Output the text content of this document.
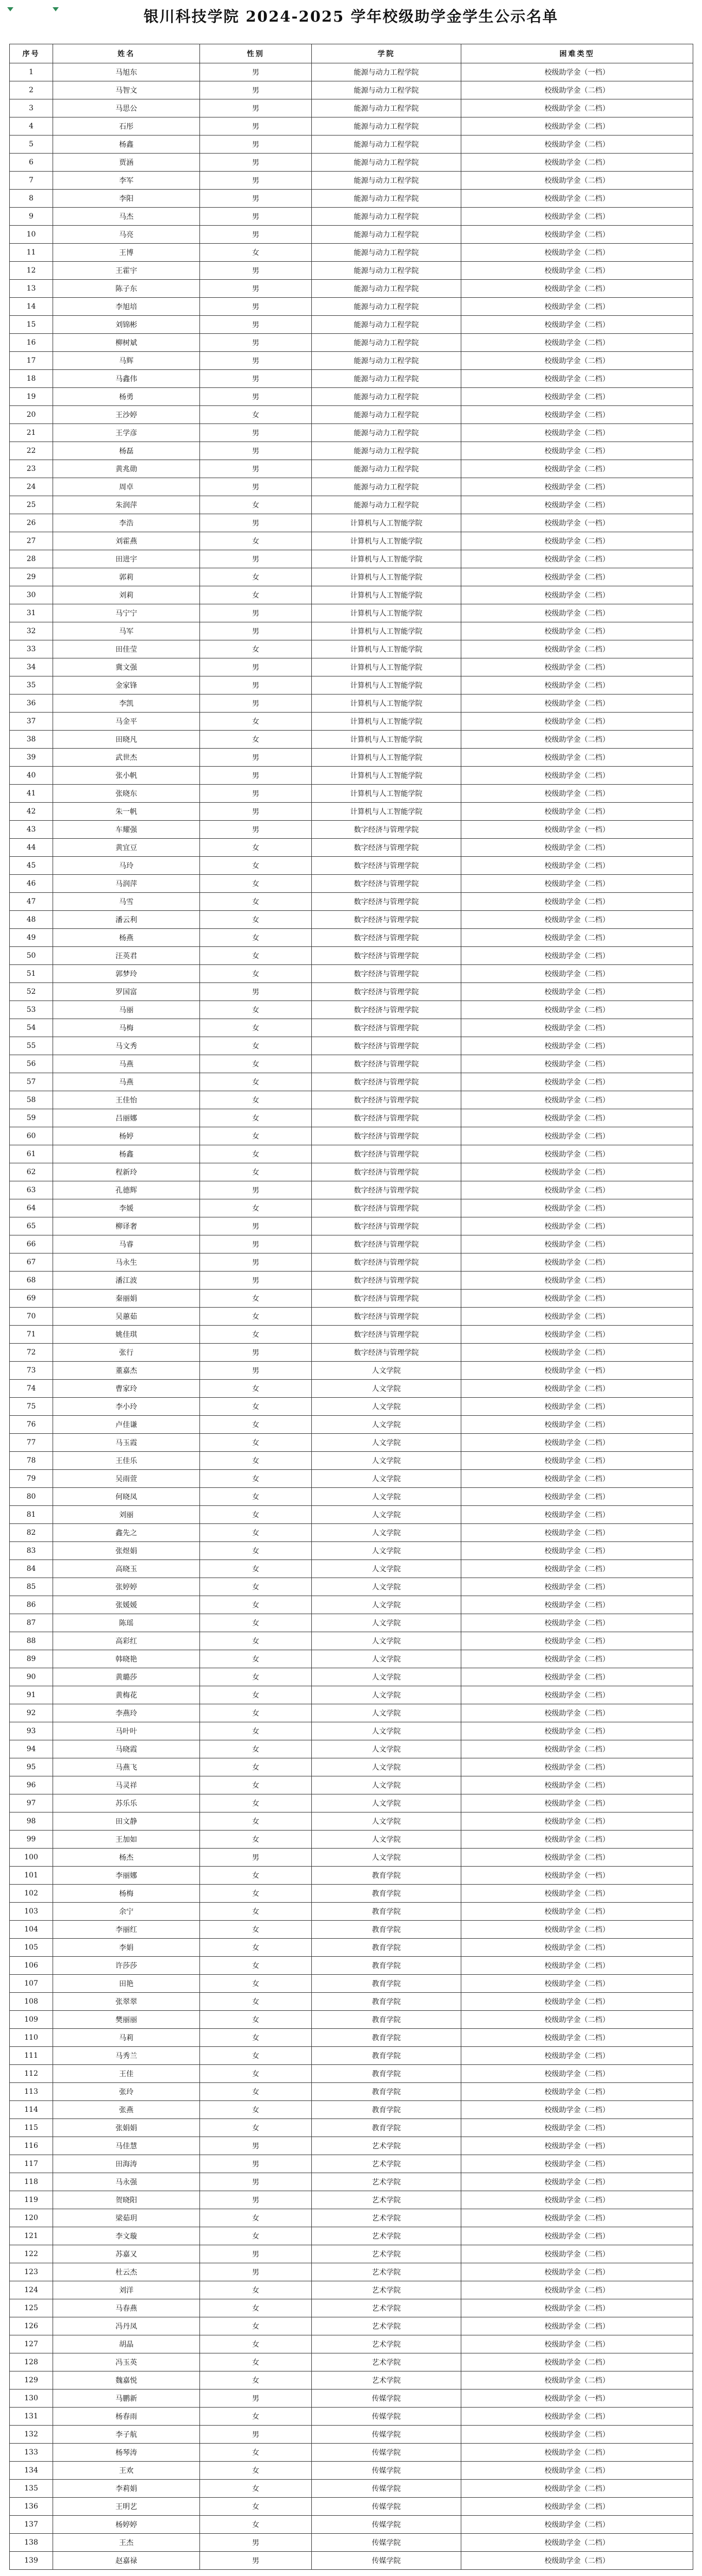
银川科技学院 2024-2025 学年校级助学金学生公示名单
序号	姓名	性别	学院	困难类型
1	马旭东	男	能源与动力工程学院	校级助学金（一档）
2	马智文	男	能源与动力工程学院	校级助学金（二档）
3	马思公	男	能源与动力工程学院	校级助学金（二档）
4	石彤	男	能源与动力工程学院	校级助学金（二档）
5	杨鑫	男	能源与动力工程学院	校级助学金（二档）
6	贾涵	男	能源与动力工程学院	校级助学金（二档）
7	李军	男	能源与动力工程学院	校级助学金（二档）
8	李阳	男	能源与动力工程学院	校级助学金（二档）
9	马杰	男	能源与动力工程学院	校级助学金（二档）
10	马亮	男	能源与动力工程学院	校级助学金（二档）
11	王博	女	能源与动力工程学院	校级助学金（二档）
12	王霍宇	男	能源与动力工程学院	校级助学金（二档）
13	陈子东	男	能源与动力工程学院	校级助学金（二档）
14	李旭培	男	能源与动力工程学院	校级助学金（二档）
15	刘锦彬	男	能源与动力工程学院	校级助学金（二档）
16	柳树斌	男	能源与动力工程学院	校级助学金（二档）
17	马辉	男	能源与动力工程学院	校级助学金（二档）
18	马鑫伟	男	能源与动力工程学院	校级助学金（二档）
19	杨勇	男	能源与动力工程学院	校级助学金（二档）
20	王沙婷	女	能源与动力工程学院	校级助学金（二档）
21	王学彦	男	能源与动力工程学院	校级助学金（二档）
22	杨磊	男	能源与动力工程学院	校级助学金（二档）
23	黄兆勋	男	能源与动力工程学院	校级助学金（二档）
24	周卓	男	能源与动力工程学院	校级助学金（二档）
25	朱润萍	女	能源与动力工程学院	校级助学金（二档）
26	李浩	男	计算机与人工智能学院	校级助学金（一档）
27	刘霍燕	女	计算机与人工智能学院	校级助学金（二档）
28	田进宇	男	计算机与人工智能学院	校级助学金（二档）
29	郭莉	女	计算机与人工智能学院	校级助学金（二档）
30	刘莉	女	计算机与人工智能学院	校级助学金（二档）
31	马宁宁	男	计算机与人工智能学院	校级助学金（二档）
32	马军	男	计算机与人工智能学院	校级助学金（二档）
33	田佳莹	女	计算机与人工智能学院	校级助学金（二档）
34	冀文强	男	计算机与人工智能学院	校级助学金（二档）
35	金家锋	男	计算机与人工智能学院	校级助学金（二档）
36	李凯	男	计算机与人工智能学院	校级助学金（二档）
37	马金平	女	计算机与人工智能学院	校级助学金（二档）
38	田晓凡	女	计算机与人工智能学院	校级助学金（二档）
39	武世杰	男	计算机与人工智能学院	校级助学金（二档）
40	张小帆	男	计算机与人工智能学院	校级助学金（二档）
41	张晓东	男	计算机与人工智能学院	校级助学金（二档）
42	朱一帆	男	计算机与人工智能学院	校级助学金（二档）
43	车耀强	男	数字经济与管理学院	校级助学金（一档）
44	黄宜豆	女	数字经济与管理学院	校级助学金（二档）
45	马玲	女	数字经济与管理学院	校级助学金（二档）
46	马润萍	女	数字经济与管理学院	校级助学金（二档）
47	马雪	女	数字经济与管理学院	校级助学金（二档）
48	潘云利	女	数字经济与管理学院	校级助学金（二档）
49	杨燕	女	数字经济与管理学院	校级助学金（二档）
50	汪英君	女	数字经济与管理学院	校级助学金（二档）
51	郭梦玲	女	数字经济与管理学院	校级助学金（二档）
52	罗国富	男	数字经济与管理学院	校级助学金（二档）
53	马丽	女	数字经济与管理学院	校级助学金（二档）
54	马梅	女	数字经济与管理学院	校级助学金（二档）
55	马文秀	女	数字经济与管理学院	校级助学金（二档）
56	马燕	女	数字经济与管理学院	校级助学金（二档）
57	马燕	女	数字经济与管理学院	校级助学金（二档）
58	王佳怡	女	数字经济与管理学院	校级助学金（二档）
59	吕丽娜	女	数字经济与管理学院	校级助学金（二档）
60	杨婷	女	数字经济与管理学院	校级助学金（二档）
61	杨鑫	女	数字经济与管理学院	校级助学金（二档）
62	程新玲	女	数字经济与管理学院	校级助学金（二档）
63	孔德辉	男	数字经济与管理学院	校级助学金（二档）
64	李媛	女	数字经济与管理学院	校级助学金（二档）
65	柳译奢	男	数字经济与管理学院	校级助学金（二档）
66	马睿	男	数字经济与管理学院	校级助学金（二档）
67	马永生	男	数字经济与管理学院	校级助学金（二档）
68	潘江波	男	数字经济与管理学院	校级助学金（二档）
69	秦丽娟	女	数字经济与管理学院	校级助学金（二档）
70	吴蕙茹	女	数字经济与管理学院	校级助学金（二档）
71	姚佳琪	女	数字经济与管理学院	校级助学金（二档）
72	张行	男	数字经济与管理学院	校级助学金（二档）
73	董嘉杰	男	人文学院	校级助学金（一档）
74	曹家玲	女	人文学院	校级助学金（二档）
75	李小玲	女	人文学院	校级助学金（二档）
76	卢佳谦	女	人文学院	校级助学金（二档）
77	马玉霞	女	人文学院	校级助学金（二档）
78	王佳乐	女	人文学院	校级助学金（二档）
79	吴雨萱	女	人文学院	校级助学金（二档）
80	何晓凤	女	人文学院	校级助学金（二档）
81	刘丽	女	人文学院	校级助学金（二档）
82	鑫先之	女	人文学院	校级助学金（二档）
83	张煜娟	女	人文学院	校级助学金（二档）
84	高晓玉	女	人文学院	校级助学金（二档）
85	张婷婷	女	人文学院	校级助学金（二档）
86	张媛媛	女	人文学院	校级助学金（二档）
87	陈瑶	女	人文学院	校级助学金（二档）
88	高彩红	女	人文学院	校级助学金（二档）
89	韩晓艳	女	人文学院	校级助学金（二档）
90	黄璐莎	女	人文学院	校级助学金（二档）
91	黄梅花	女	人文学院	校级助学金（二档）
92	李燕玲	女	人文学院	校级助学金（二档）
93	马叶叶	女	人文学院	校级助学金（二档）
94	马晓霞	女	人文学院	校级助学金（二档）
95	马燕飞	女	人文学院	校级助学金（二档）
96	马灵祥	女	人文学院	校级助学金（二档）
97	苏乐乐	女	人文学院	校级助学金（二档）
98	田文静	女	人文学院	校级助学金（二档）
99	王加如	女	人文学院	校级助学金（二档）
100	杨杰	男	人文学院	校级助学金（二档）
101	李丽娜	女	教育学院	校级助学金（一档）
102	杨梅	女	教育学院	校级助学金（二档）
103	余宁	女	教育学院	校级助学金（二档）
104	李丽红	女	教育学院	校级助学金（二档）
105	李娟	女	教育学院	校级助学金（二档）
106	许莎莎	女	教育学院	校级助学金（二档）
107	田艳	女	教育学院	校级助学金（二档）
108	张翠翠	女	教育学院	校级助学金（二档）
109	樊丽丽	女	教育学院	校级助学金（二档）
110	马莉	女	教育学院	校级助学金（二档）
111	马秀兰	女	教育学院	校级助学金（二档）
112	王佳	女	教育学院	校级助学金（二档）
113	张玲	女	教育学院	校级助学金（二档）
114	张燕	女	教育学院	校级助学金（二档）
115	张娟娟	女	教育学院	校级助学金（二档）
116	马佳慧	男	艺术学院	校级助学金（一档）
117	田海涛	男	艺术学院	校级助学金（二档）
118	马永强	男	艺术学院	校级助学金（二档）
119	贺晓阳	男	艺术学院	校级助学金（二档）
120	梁茹玥	女	艺术学院	校级助学金（二档）
121	李文璇	女	艺术学院	校级助学金（二档）
122	苏嘉又	男	艺术学院	校级助学金（二档）
123	杜云杰	男	艺术学院	校级助学金（二档）
124	刘洋	女	艺术学院	校级助学金（二档）
125	马春燕	女	艺术学院	校级助学金（二档）
126	冯丹凤	女	艺术学院	校级助学金（二档）
127	胡晶	女	艺术学院	校级助学金（二档）
128	冯玉英	女	艺术学院	校级助学金（二档）
129	魏嘉悦	女	艺术学院	校级助学金（二档）
130	马鹏新	男	传媒学院	校级助学金（一档）
131	杨春雨	女	传媒学院	校级助学金（二档）
132	李子航	男	传媒学院	校级助学金（二档）
133	杨琴涛	女	传媒学院	校级助学金（二档）
134	王欢	女	传媒学院	校级助学金（二档）
135	李莉娟	女	传媒学院	校级助学金（二档）
136	王明艺	女	传媒学院	校级助学金（二档）
137	杨婷婷	女	传媒学院	校级助学金（二档）
138	王杰	男	传媒学院	校级助学金（二档）
139	赵嘉禄	男	传媒学院	校级助学金（二档）
